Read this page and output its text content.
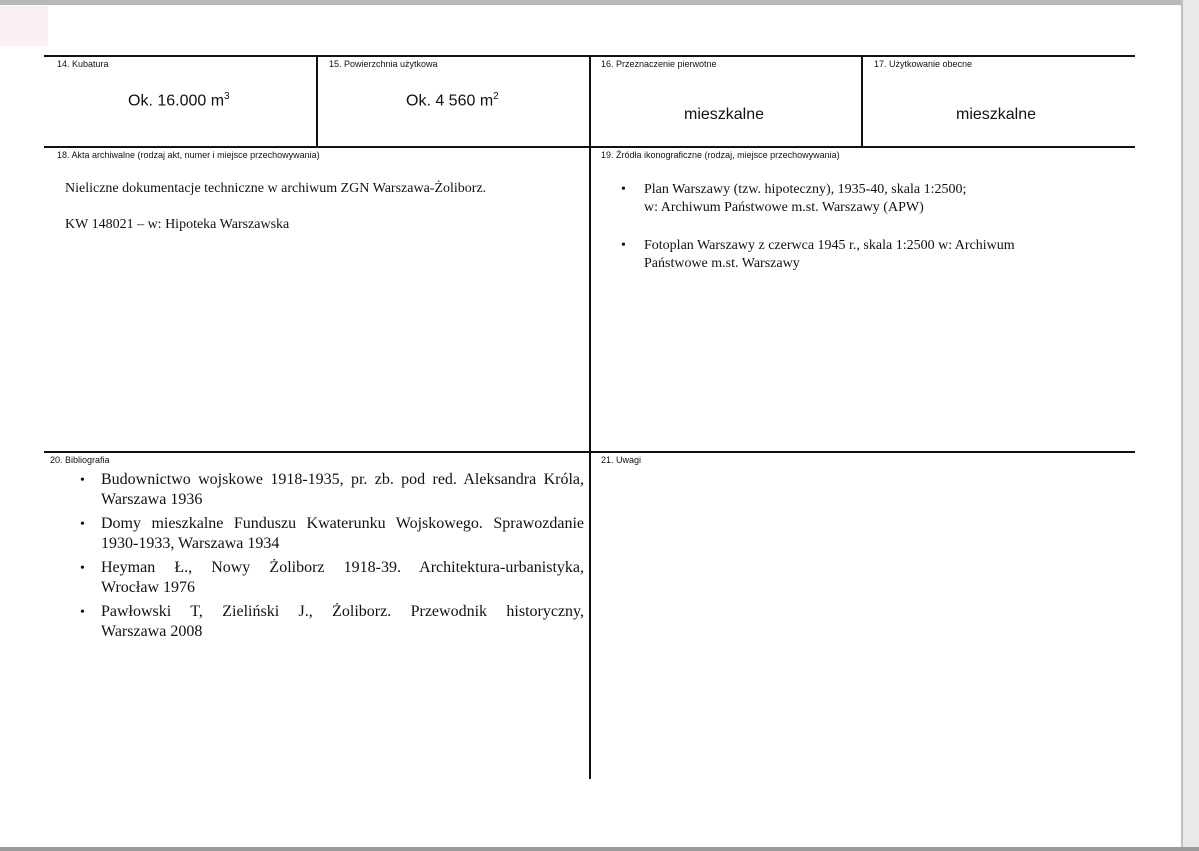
14. Kubatura
Ok. 16.000 $m^3$
15. Powierzchnia użytkowa
Ok. 4 560 $m^2$
16. Przeznaczenie pierwotne
mieszkalne
17. Użytkowanie obecne
mieszkalne
18. Akta archiwalne (rodzaj akt, numer i miejsce przechowywania)
Nieliczne dokumentacje techniczne w archiwum ZGN Warszawa-Żoliborz.
KW 148021 – w: Hipoteka Warszawska
19. Źródła ikonograficzne (rodzaj, miejsce przechowywania)
• Plan Warszawy (tzw. hipoteczny), 1935-40, skala 1:2500;
w: Archiwum Państwowe m.st. Warszawy (APW)
• Fotoplan Warszawy z czerwca 1945 r., skala 1:2500 w: Archiwum
Państwowe m.st. Warszawy
20. Bibliografia
• Budownictwo wojskowe 1918-1935, pr. zb. pod red. Aleksandra Króla,
Warszawa 1936
• Domy mieszkalne Funduszu Kwaterunku Wojskowego. Sprawozdanie
1930-1933, Warszawa 1934
• Heyman Ł., Nowy Żoliborz 1918-39. Architektura-urbanistyka,
Wrocław 1976
• Pawłowski T, Zieliński J., Żoliborz. Przewodnik historyczny,
Warszawa 2008
21. Uwagi
